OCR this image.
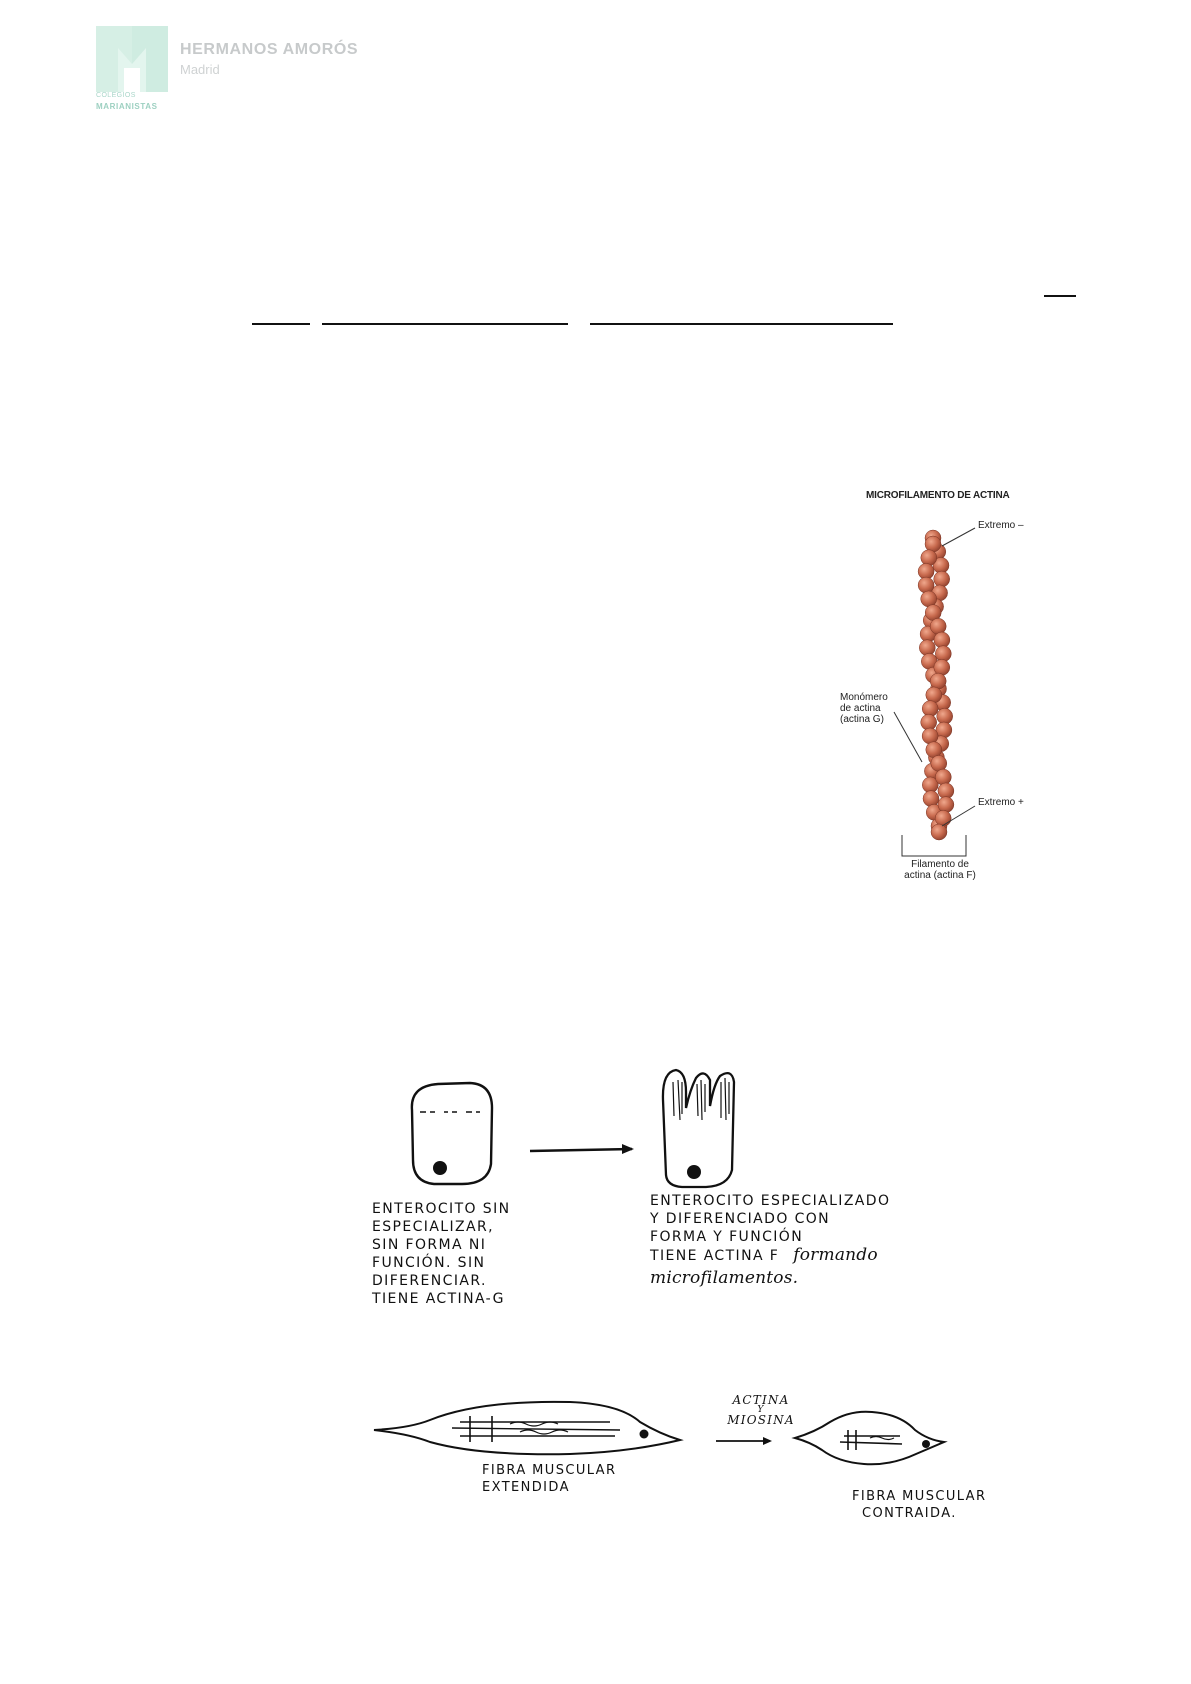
HERMANOS AMORÓS
Madrid
COLEGIOS
MARIANISTAS
MICROFILAMENTO DE ACTINA
Extremo –
Monómero
de actina
(actina G)
Extremo +
Filamento de
actina (actina F)
ENTEROCITO SIN
ESPECIALIZAR,
SIN FORMA NI
FUNCIÓN. SIN
DIFERENCIAR.
TIENE ACTINA-G
ENTEROCITO ESPECIALIZADO
Y DIFERENCIADO CON
FORMA Y FUNCIÓN
TIENE ACTINA F formando
microfilamentos.
ACTINA
Y
MIOSINA
FIBRA MUSCULAR
EXTENDIDA
FIBRA MUSCULAR
CONTRAIDA.
